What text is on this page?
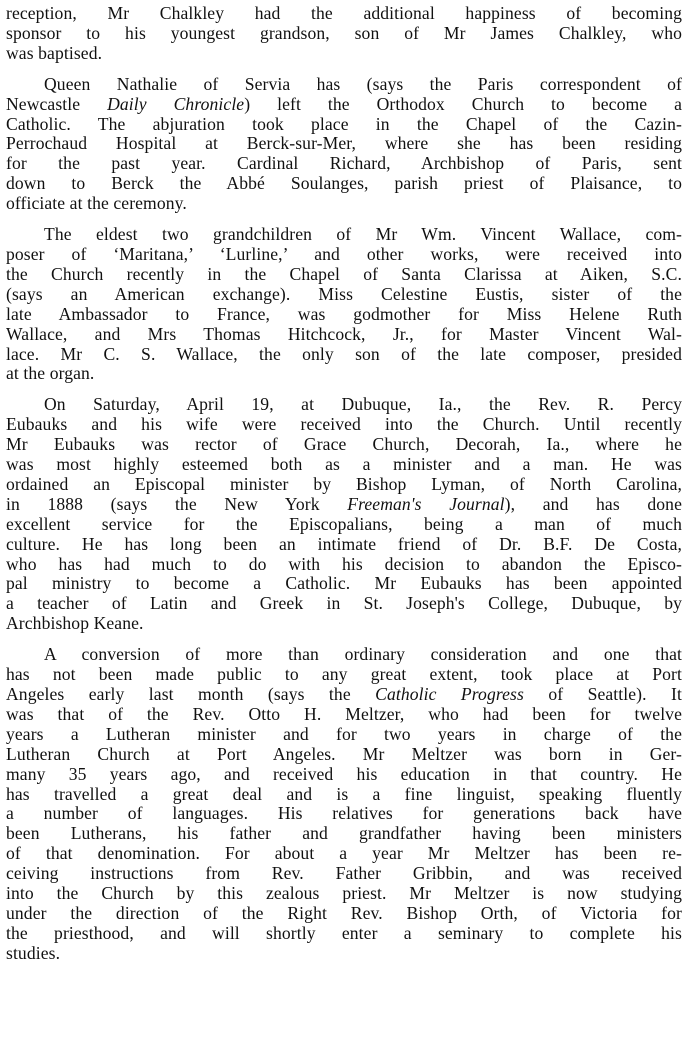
reception, Mr Chalkley had the additional happiness of becoming
sponsor to his youngest grandson, son of Mr James Chalkley, who
was baptised.
Queen Nathalie of Servia has (says the Paris correspondent of
Newcastle Daily Chronicle) left the Orthodox Church to become a
Catholic. The abjuration took place in the Chapel of the Cazin-
Perrochaud Hospital at Berck-sur-Mer, where she has been residing
for the past year. Cardinal Richard, Archbishop of Paris, sent
down to Berck the Abbé Soulanges, parish priest of Plaisance, to
officiate at the ceremony.
The eldest two grandchildren of Mr Wm. Vincent Wallace, com-
poser of ‘Maritana,’ ‘Lurline,’ and other works, were received into
the Church recently in the Chapel of Santa Clarissa at Aiken, S.C.
(says an American exchange). Miss Celestine Eustis, sister of the
late Ambassador to France, was godmother for Miss Helene Ruth
Wallace, and Mrs Thomas Hitchcock, Jr., for Master Vincent Wal-
lace. Mr C. S. Wallace, the only son of the late composer, presided
at the organ.
On Saturday, April 19, at Dubuque, Ia., the Rev. R. Percy
Eubauks and his wife were received into the Church. Until recently
Mr Eubauks was rector of Grace Church, Decorah, Ia., where he
was most highly esteemed both as a minister and a man. He was
ordained an Episcopal minister by Bishop Lyman, of North Carolina,
in 1888 (says the New York Freeman's Journal), and has done
excellent service for the Episcopalians, being a man of much
culture. He has long been an intimate friend of Dr. B.F. De Costa,
who has had much to do with his decision to abandon the Episco-
pal ministry to become a Catholic. Mr Eubauks has been appointed
a teacher of Latin and Greek in St. Joseph's College, Dubuque, by
Archbishop Keane.
A conversion of more than ordinary consideration and one that
has not been made public to any great extent, took place at Port
Angeles early last month (says the Catholic Progress of Seattle). It
was that of the Rev. Otto H. Meltzer, who had been for twelve
years a Lutheran minister and for two years in charge of the
Lutheran Church at Port Angeles. Mr Meltzer was born in Ger-
many 35 years ago, and received his education in that country. He
has travelled a great deal and is a fine linguist, speaking fluently
a number of languages. His relatives for generations back have
been Lutherans, his father and grandfather having been ministers
of that denomination. For about a year Mr Meltzer has been re-
ceiving instructions from Rev. Father Gribbin, and was received
into the Church by this zealous priest. Mr Meltzer is now studying
under the direction of the Right Rev. Bishop Orth, of Victoria for
the priesthood, and will shortly enter a seminary to complete his
studies.
